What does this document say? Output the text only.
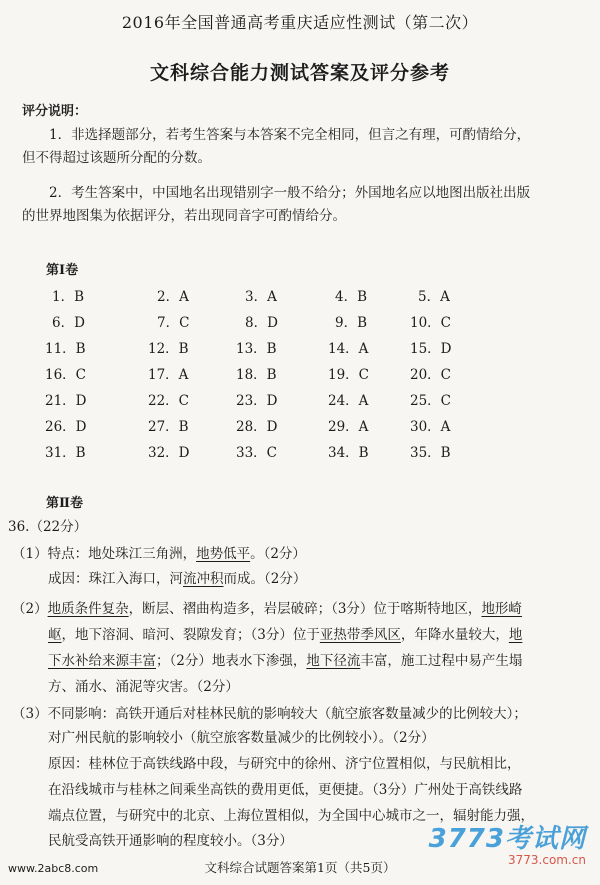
2016年全国普通高考重庆适应性测试（第二次）
文科综合能力测试答案及评分参考
评分说明：
1．非选择题部分，若考生答案与本答案不完全相同，但言之有理，可酌情给分，
但不得超过该题所分配的分数。
2．考生答案中，中国地名出现错别字一般不给分；外国地名应以地图出版社出版
的世界地图集为依据评分，若出现同音字可酌情给分。
第Ⅰ卷
1．B	2．A	3．A	4．B	5．A
6．D	7．C	8．D	9．B	10．C
11．B	12．B	13．B	14．A	15．D
16．C	17．A	18．B	19．C	20．C
21．D	22．C	23．D	24．A	25．C
26．D	27．B	28．D	29．A	30．A
31．B	32．D	33．C	34．B	35．B
第Ⅱ卷
36.（22分）
（1）特点：地处珠江三角洲，地势低平。（2分）
成因：珠江入海口，河流冲积而成。（2分）
（2）地质条件复杂，断层、褶曲构造多，岩层破碎；（3分）位于喀斯特地区，地形崎
岖，地下溶洞、暗河、裂隙发育；（3分）位于亚热带季风区，年降水量较大，地
下水补给来源丰富；（2分）地表水下渗强，地下径流丰富，施工过程中易产生塌
方、涌水、涌泥等灾害。（2分）
（3）不同影响：高铁开通后对桂林民航的影响较大（航空旅客数量减少的比例较大）；
对广州民航的影响较小（航空旅客数量减少的比例较小）。（2分）
原因：桂林位于高铁线路中段，与研究中的徐州、济宁位置相似，与民航相比，
在沿线城市与桂林之间乘坐高铁的费用更低，更便捷。（3分）广州处于高铁线路
端点位置，与研究中的北京、上海位置相似，为全国中心城市之一，辐射能力强，
民航受高铁开通影响的程度较小。（3分）
文科综合试题答案第1页（共5页）
www.2abc8.com
3773考试网
3773.com.cn
